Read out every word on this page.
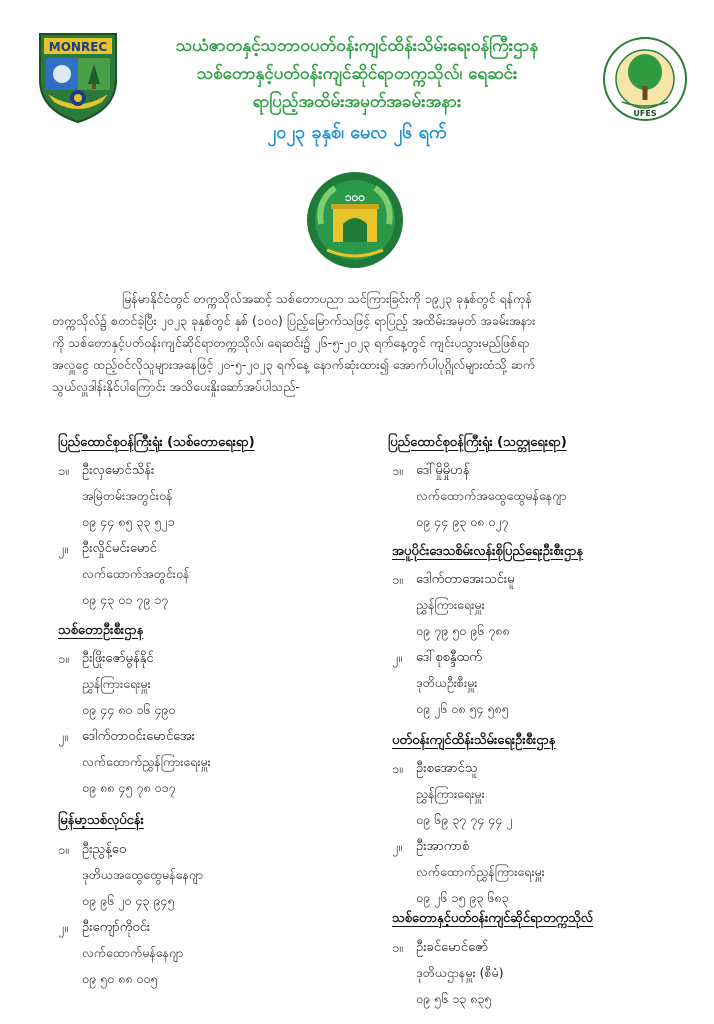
MONREC
UFES
သယံဇာတနှင့်သဘာဝပတ်ဝန်းကျင်ထိန်းသိမ်းရေးဝန်ကြီးဌာန
သစ်တောနှင့်ပတ်ဝန်းကျင်ဆိုင်ရာတက္ကသိုလ်၊ ရေဆင်း
ရာပြည့်အထိမ်းအမှတ်အခမ်းအနား
၂၀၂၃ ခုနှစ်၊ မေလ ၂၆ ရက်
၁၀၀
မြန်မာနိုင်ငံတွင် တက္ကသိုလ်အဆင့် သစ်တောပညာ သင်ကြားခြင်းကို ၁၉၂၃ ခုနှစ်တွင် ရန်ကုန်
တက္ကသိုလ်၌ စတင်ခဲ့ပြီး ၂၀၂၃ ခုနှစ်တွင် နှစ် (၁၀၀) ပြည့်မြောက်သဖြင့် ရာပြည့် အထိမ်းအမှတ် အခမ်းအနား
ကို သစ်တောနှင့်ပတ်ဝန်းကျင်ဆိုင်ရာတက္ကသိုလ်၊ ရေဆင်း၌ ၂၆-၅-၂၀၂၃ ရက်နေ့တွင် ကျင်းပသွားမည်ဖြစ်ရာ
အလှူငွေ ထည့်ဝင်လိုသူများအနေဖြင့် ၂၀-၅-၂၀၂၃ ရက်နေ့ နောက်ဆုံးထား၍ အောက်ပါပုဂ္ဂိုလ်များထံသို့ ဆက်
သွယ်လှူဒါန်းနိုင်ပါကြောင်း အသိပေးနှိုးဆော်အပ်ပါသည်-
ပြည်ထောင်စုဝန်ကြီးရုံး (သစ်တောရေးရာ)
၁။ ဦးလှမောင်သိန်း
အမြဲတမ်းအတွင်းဝန်
၀၉ ၄၄ ၈၅ ၃၃ ၅၂၁
၂။ ဦးလှိုင်မင်းမောင်
လက်ထောက်အတွင်းဝန်
၀၉ ၄၃ ၀၁ ၇၉ ၁၇
သစ်တောဦးစီးဌာန
၁။ ဦးဖြိုးဇော်မွန်နိုင်
ညွှန်ကြားရေးမှူး
၀၉ ၄၄ ၈၀ ၁၆ ၄၉၀
၂။ ဒေါက်တာဝင်းမောင်အေး
လက်ထောက်ညွှန်ကြားရေးမှူး
၀၉ ၈၈ ၄၅ ၇၈ ၀၁၇
မြန်မာ့သစ်လုပ်ငန်း
၁။ ဦးညွန့်ဝေ
ဒုတိယအထွေထွေမန်နေဂျာ
၀၉ ၉၆ ၂၀ ၄၃ ၉၄၅
၂။ ဦးကျော်ကိုဝင်း
လက်ထောက်မန်နေဂျာ
၀၉ ၅၀ ၈၈ ၀၀၅
ပြည်ထောင်စုဝန်ကြီးရုံး (သတ္တုရေးရာ)
၁။ ဒေါ်မှိုမှိုဟန်
လက်ထောက်အထွေထွေမန်နေဂျာ
၀၉ ၄၄ ၉၃ ၀၈ ၀၂၇
အပူပိုင်းဒေသစိမ်းလန်းစိုပြည်ရေးဦးစီးဌာန
၁။ ဒေါက်တာအေးသင်းမူ
ညွှန်ကြားရေးမှူး
၀၉ ၇၉ ၅၀ ၉၆ ၇၈၈
၂။ ဒေါ်စုစန္ဒီထက်
ဒုတိယဦးစီးမှူး
၀၉ ၂၆ ၀၈ ၅၄ ၅၈၅
ပတ်ဝန်းကျင်ထိန်းသိမ်းရေးဦးစီးဌာန
၁။ ဦးစအောင်သူ
ညွှန်ကြားရေးမှူး
၀၉ ၆၉ ၃၇ ၇၄ ၄၄ ၂
၂။ ဦးအာကာစံ
လက်ထောက်ညွှန်ကြားရေးမှူး
၀၉ ၂၆ ၁၅ ၉၃ ၆၈၃
သစ်တောနှင့်ပတ်ဝန်းကျင်ဆိုင်ရာတက္ကသိုလ်
၁။ ဦးခင်မောင်ဇော်
ဒုတိယဌာနမှူး (စီမံ)
၀၉ ၅၆ ၁၃ ၈၃၅
